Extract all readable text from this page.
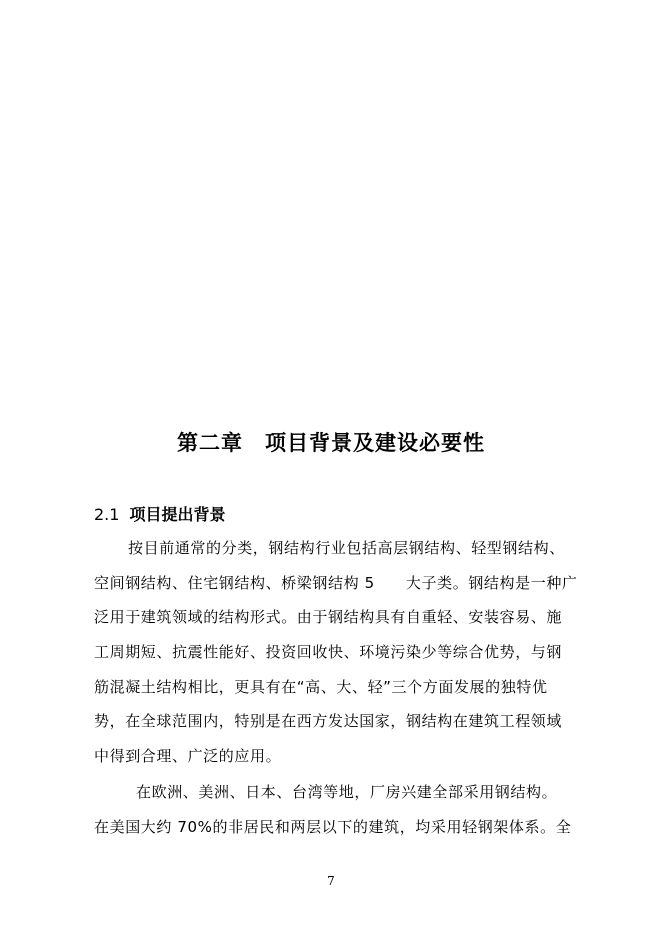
第二章　项目背景及建设必要性
2.1 项目提出背景
按目前通常的分类，钢结构行业包括高层钢结构、轻型钢结构、
空间钢结构、住宅钢结构、桥梁钢结构 5　　大子类。钢结构是一种广
泛用于建筑领域的结构形式。由于钢结构具有自重轻、安装容易、施
工周期短、抗震性能好、投资回收快、环境污染少等综合优势，与钢
筋混凝土结构相比，更具有在“高、大、轻”三个方面发展的独特优
势，在全球范围内，特别是在西方发达国家，钢结构在建筑工程领域
中得到合理、广泛的应用。
在欧洲、美洲、日本、台湾等地，厂房兴建全部采用钢结构。
在美国大约 70%的非居民和两层以下的建筑，均采用轻钢架体系。全
7
